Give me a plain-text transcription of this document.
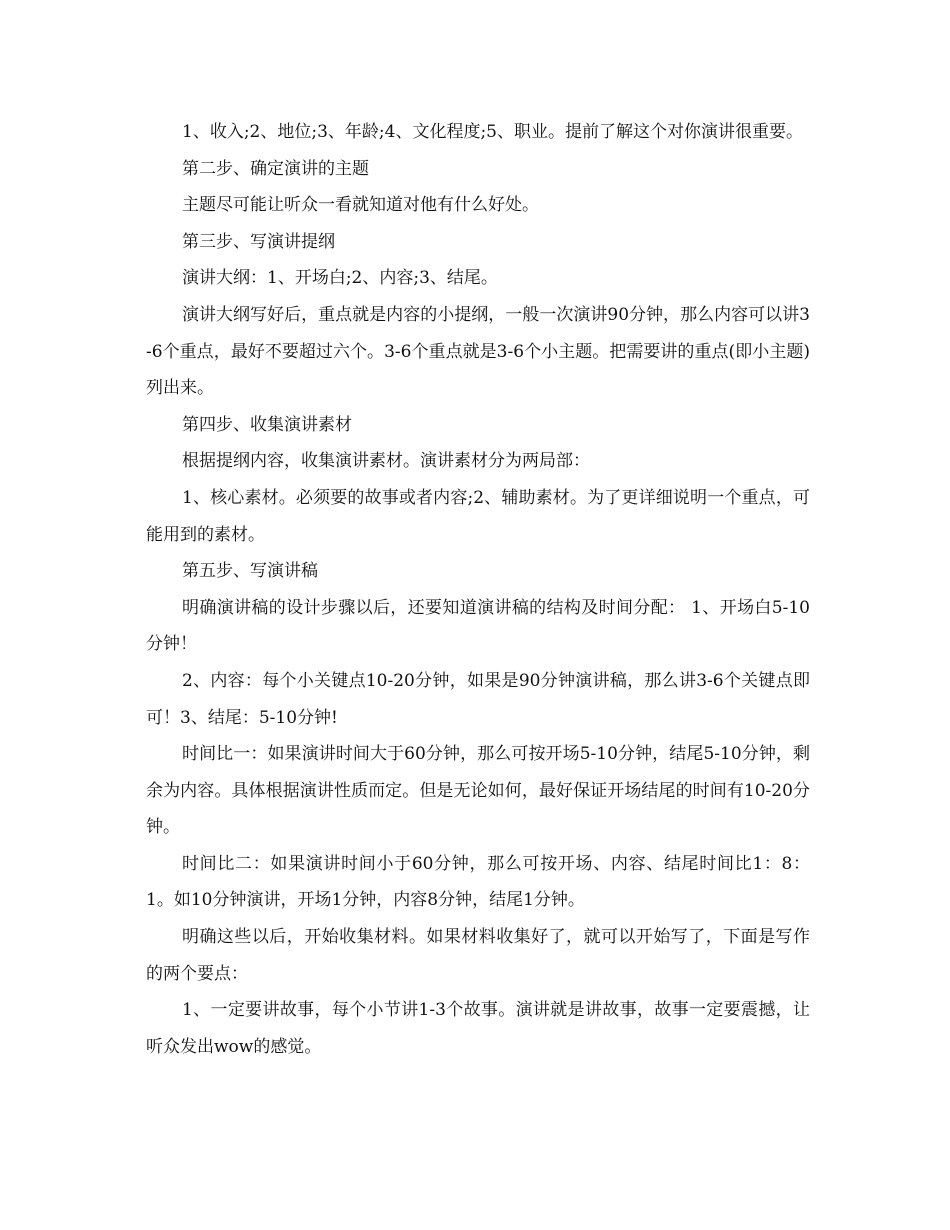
1、收入;2、地位;3、年龄;4、文化程度;5、职业。提前了解这个对你演讲很重要。

第二步、确定演讲的主题

主题尽可能让听众一看就知道对他有什么好处。

第三步、写演讲提纲

演讲大纲：1、开场白;2、内容;3、结尾。

演讲大纲写好后，重点就是内容的小提纲，一般一次演讲90分钟，那么内容可以讲3-6个重点，最好不要超过六个。3-6个重点就是3-6个小主题。把需要讲的重点(即小主题)列出来。

第四步、收集演讲素材

根据提纲内容，收集演讲素材。演讲素材分为两局部：

1、核心素材。必须要的故事或者内容;2、辅助素材。为了更详细说明一个重点，可能用到的素材。

第五步、写演讲稿

明确演讲稿的设计步骤以后，还要知道演讲稿的结构及时间分配： 1、开场白5-10分钟！

2、内容：每个小关键点10-20分钟，如果是90分钟演讲稿，那么讲3-6个关键点即可！3、结尾：5-10分钟!

时间比一：如果演讲时间大于60分钟，那么可按开场5-10分钟，结尾5-10分钟，剩余为内容。具体根据演讲性质而定。但是无论如何，最好保证开场结尾的时间有10-20分钟。

时间比二：如果演讲时间小于60分钟，那么可按开场、内容、结尾时间比1：8：1。如10分钟演讲，开场1分钟，内容8分钟，结尾1分钟。

明确这些以后，开始收集材料。如果材料收集好了，就可以开始写了，下面是写作的两个要点：

1、一定要讲故事，每个小节讲1-3个故事。演讲就是讲故事，故事一定要震撼，让听众发出wow的感觉。
